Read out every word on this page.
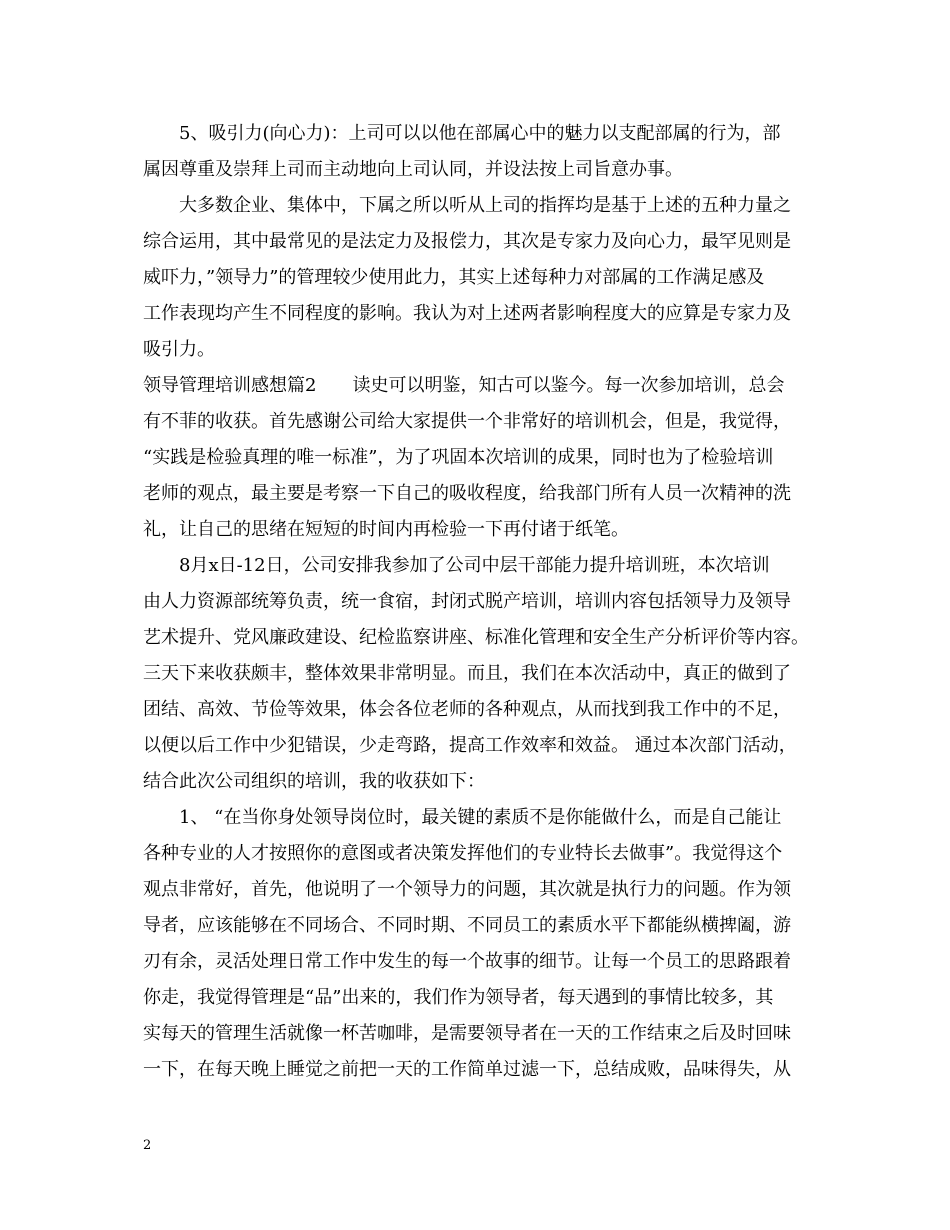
　　5、吸引力(向心力)：上司可以以他在部属心中的魅力以支配部属的行为，部
属因尊重及崇拜上司而主动地向上司认同，并设法按上司旨意办事。
　　大多数企业、集体中，下属之所以听从上司的指挥均是基于上述的五种力量之
综合运用，其中最常见的是法定力及报偿力，其次是专家力及向心力，最罕见则是
威吓力，”领导力”的管理较少使用此力，其实上述每种力对部属的工作满足感及
工作表现均产生不同程度的影响。我认为对上述两者影响程度大的应算是专家力及
吸引力。
领导管理培训感想篇2　　读史可以明鉴，知古可以鉴今。每一次参加培训，总会
有不菲的收获。首先感谢公司给大家提供一个非常好的培训机会，但是，我觉得，
“实践是检验真理的唯一标准”，为了巩固本次培训的成果，同时也为了检验培训
老师的观点，最主要是考察一下自己的吸收程度，给我部门所有人员一次精神的洗
礼，让自己的思绪在短短的时间内再检验一下再付诸于纸笔。
　　8月x日-12日，公司安排我参加了公司中层干部能力提升培训班，本次培训
由人力资源部统筹负责，统一食宿，封闭式脱产培训，培训内容包括领导力及领导
艺术提升、党风廉政建设、纪检监察讲座、标准化管理和安全生产分析评价等内容。
三天下来收获颇丰，整体效果非常明显。而且，我们在本次活动中，真正的做到了
团结、高效、节俭等效果，体会各位老师的各种观点，从而找到我工作中的不足，
以便以后工作中少犯错误，少走弯路，提高工作效率和效益。 通过本次部门活动，
结合此次公司组织的培训，我的收获如下：
　　1、 “在当你身处领导岗位时，最关键的素质不是你能做什么，而是自己能让
各种专业的人才按照你的意图或者决策发挥他们的专业特长去做事”。我觉得这个
观点非常好，首先，他说明了一个领导力的问题，其次就是执行力的问题。作为领
导者，应该能够在不同场合、不同时期、不同员工的素质水平下都能纵横捭阖，游
刃有余，灵活处理日常工作中发生的每一个故事的细节。让每一个员工的思路跟着
你走，我觉得管理是“品”出来的，我们作为领导者，每天遇到的事情比较多，其
实每天的管理生活就像一杯苦咖啡，是需要领导者在一天的工作结束之后及时回味
一下，在每天晚上睡觉之前把一天的工作简单过滤一下，总结成败，品味得失，从
2
